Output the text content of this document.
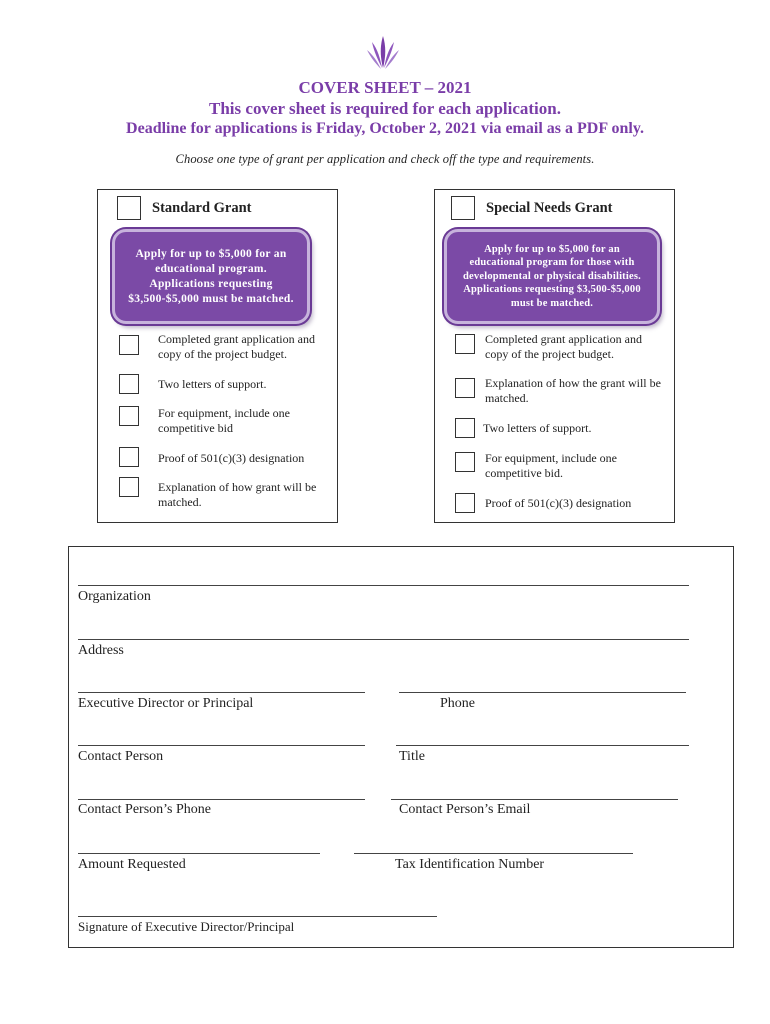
COVER SHEET – 2021
This cover sheet is required for each application.
Deadline for applications is Friday, October 2, 2021 via email as a PDF only.
Choose one type of grant per application and check off the type and requirements.
Standard Grant
Apply for up to $5,000 for an educational program. Applications requesting $3,500-$5,000 must be matched.
Completed grant application and copy of the project budget.
Two letters of support.
For equipment, include one competitive bid
Proof of 501(c)(3) designation
Explanation of how grant will be matched.
Special Needs Grant
Apply for up to $5,000 for an educational program for those with developmental or physical disabilities. Applications requesting $3,500-$5,000 must be matched.
Completed grant application and copy of the project budget.
Explanation of how the grant will be matched.
Two letters of support.
For equipment, include one competitive bid.
Proof of 501(c)(3) designation
Organization
Address
Executive Director or Principal	Phone
Contact Person	Title
Contact Person’s Phone	Contact Person’s Email
Amount Requested	Tax Identification Number
Signature of Executive Director/Principal
